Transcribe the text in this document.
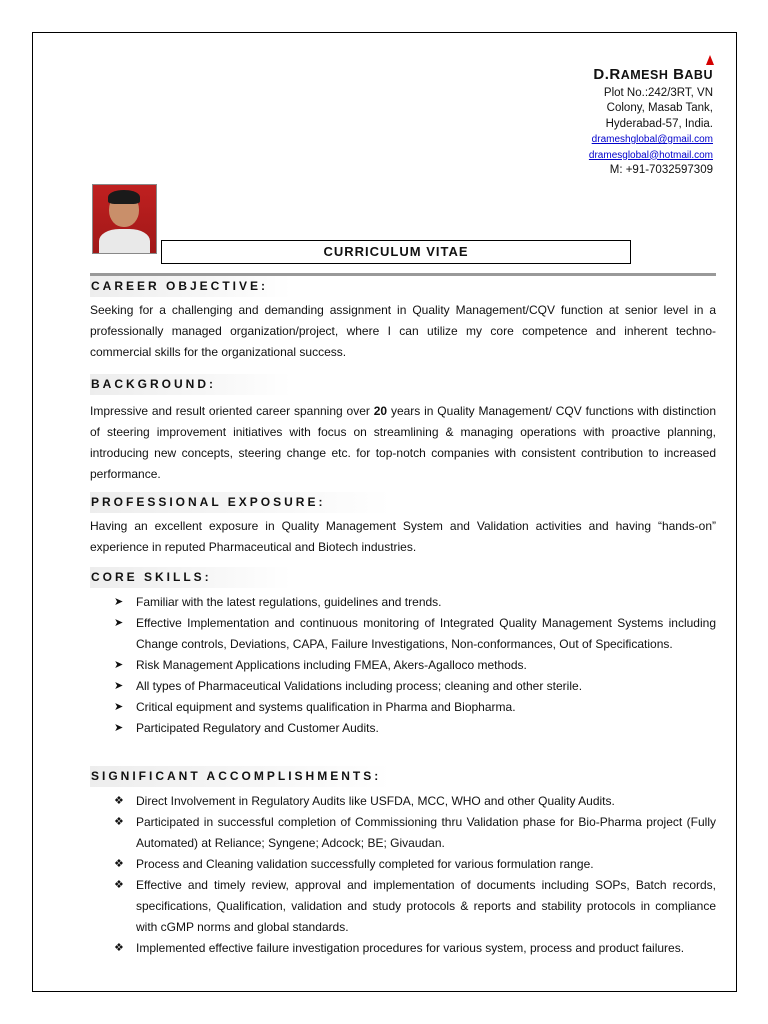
D.RAMESH BABU
Plot No.:242/3RT, VN
Colony, Masab Tank,
Hyderabad-57, India.
drameshglobal@gmail.com
dramesglobal@hotmail.com
M: +91-7032597309
CURRICULUM VITAE
CAREER OBJECTIVE:
Seeking for a challenging and demanding assignment in Quality Management/CQV function at senior level in a professionally managed organization/project, where I can utilize my core competence and inherent techno-commercial skills for the organizational success.
BACKGROUND:
Impressive and result oriented career spanning over 20 years in Quality Management/ CQV functions with distinction of steering improvement initiatives with focus on streamlining & managing operations with proactive planning, introducing new concepts, steering change etc. for top-notch companies with consistent contribution to increased performance.
PROFESSIONAL EXPOSURE:
Having an excellent exposure in Quality Management System and Validation activities and having “hands-on” experience in reputed Pharmaceutical and Biotech industries.
CORE SKILLS:
➤ Familiar with the latest regulations, guidelines and trends.
➤ Effective Implementation and continuous monitoring of Integrated Quality Management Systems including Change controls, Deviations, CAPA, Failure Investigations, Non-conformances, Out of Specifications.
➤ Risk Management Applications including FMEA, Akers-Agalloco methods.
➤ All types of Pharmaceutical Validations including process; cleaning and other sterile.
➤ Critical equipment and systems qualification in Pharma and Biopharma.
➤ Participated Regulatory and Customer Audits.
SIGNIFICANT ACCOMPLISHMENTS:
❖ Direct Involvement in Regulatory Audits like USFDA, MCC, WHO and other Quality Audits.
❖ Participated in successful completion of Commissioning thru Validation phase for Bio-Pharma project (Fully Automated) at Reliance; Syngene; Adcock; BE; Givaudan.
❖ Process and Cleaning validation successfully completed for various formulation range.
❖ Effective and timely review, approval and implementation of documents including SOPs, Batch records, specifications, Qualification, validation and study protocols & reports and stability protocols in compliance with cGMP norms and global standards.
❖ Implemented effective failure investigation procedures for various system, process and product failures.
